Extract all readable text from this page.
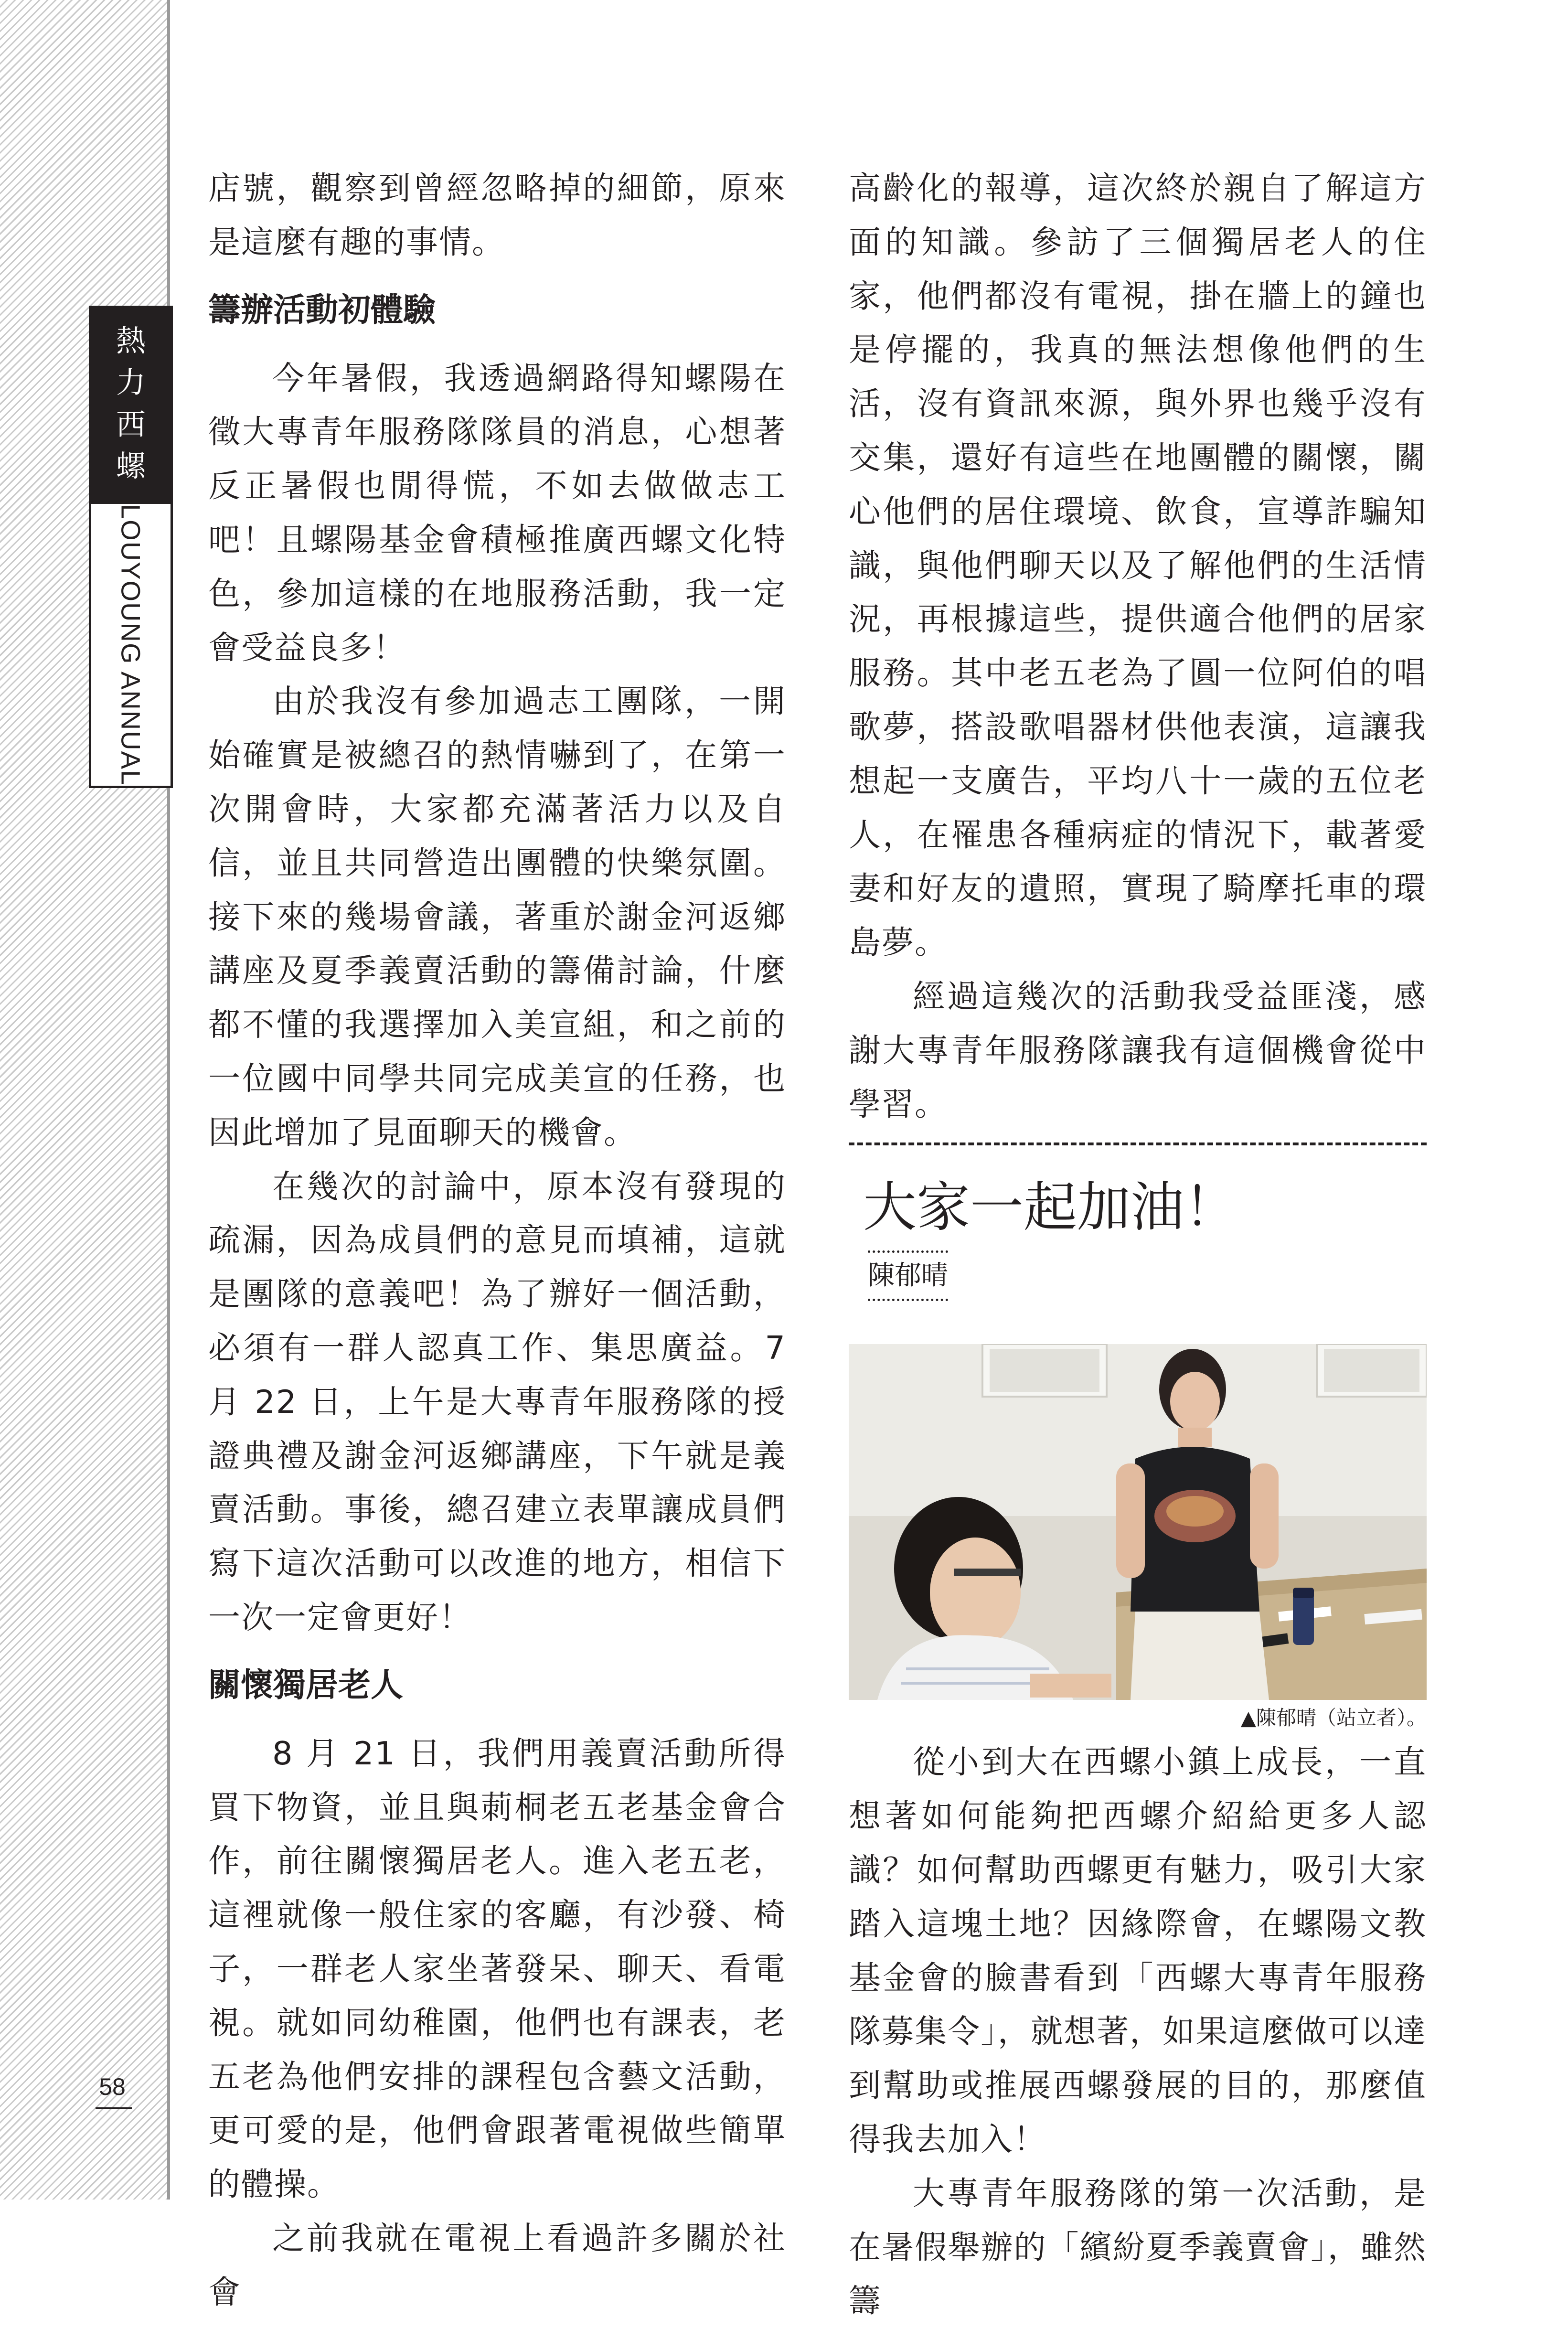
熱
力
西
螺
LOUYOUNG ANNUAL
58

店號，觀察到曾經忽略掉的細節，原來是這麼有趣的事情。

籌辦活動初體驗

今年暑假，我透過網路得知螺陽在徵大專青年服務隊隊員的消息，心想著反正暑假也閒得慌，不如去做做志工吧！且螺陽基金會積極推廣西螺文化特色，參加這樣的在地服務活動，我一定會受益良多！

由於我沒有參加過志工團隊，一開始確實是被總召的熱情嚇到了，在第一次開會時，大家都充滿著活力以及自信，並且共同營造出團體的快樂氛圍。接下來的幾場會議，著重於謝金河返鄉講座及夏季義賣活動的籌備討論，什麼都不懂的我選擇加入美宣組，和之前的一位國中同學共同完成美宣的任務，也因此增加了見面聊天的機會。

在幾次的討論中，原本沒有發現的疏漏，因為成員們的意見而填補，這就是團隊的意義吧！為了辦好一個活動，必須有一群人認真工作、集思廣益。7 月 22 日，上午是大專青年服務隊的授證典禮及謝金河返鄉講座，下午就是義賣活動。事後，總召建立表單讓成員們寫下這次活動可以改進的地方，相信下一次一定會更好！

關懷獨居老人

8 月 21 日，我們用義賣活動所得買下物資，並且與莿桐老五老基金會合作，前往關懷獨居老人。進入老五老，這裡就像一般住家的客廳，有沙發、椅子，一群老人家坐著發呆、聊天、看電視。就如同幼稚園，他們也有課表，老五老為他們安排的課程包含藝文活動，更可愛的是，他們會跟著電視做些簡單的體操。

之前我就在電視上看過許多關於社會

高齡化的報導，這次終於親自了解這方面的知識。參訪了三個獨居老人的住家，他們都沒有電視，掛在牆上的鐘也是停擺的，我真的無法想像他們的生活，沒有資訊來源，與外界也幾乎沒有交集，還好有這些在地團體的關懷，關心他們的居住環境、飲食，宣導詐騙知識，與他們聊天以及了解他們的生活情況，再根據這些，提供適合他們的居家服務。其中老五老為了圓一位阿伯的唱歌夢，搭設歌唱器材供他表演，這讓我想起一支廣告，平均八十一歲的五位老人，在罹患各種病症的情況下，載著愛妻和好友的遺照，實現了騎摩托車的環島夢。

經過這幾次的活動我受益匪淺，感謝大專青年服務隊讓我有這個機會從中學習。

大家一起加油！
陳郁晴
▲陳郁晴（站立者）。

從小到大在西螺小鎮上成長，一直想著如何能夠把西螺介紹給更多人認識？如何幫助西螺更有魅力，吸引大家踏入這塊土地？因緣際會，在螺陽文教基金會的臉書看到「西螺大專青年服務隊募集令」，就想著，如果這麼做可以達到幫助或推展西螺發展的目的，那麼值得我去加入！

大專青年服務隊的第一次活動，是在暑假舉辦的「繽紛夏季義賣會」，雖然籌
